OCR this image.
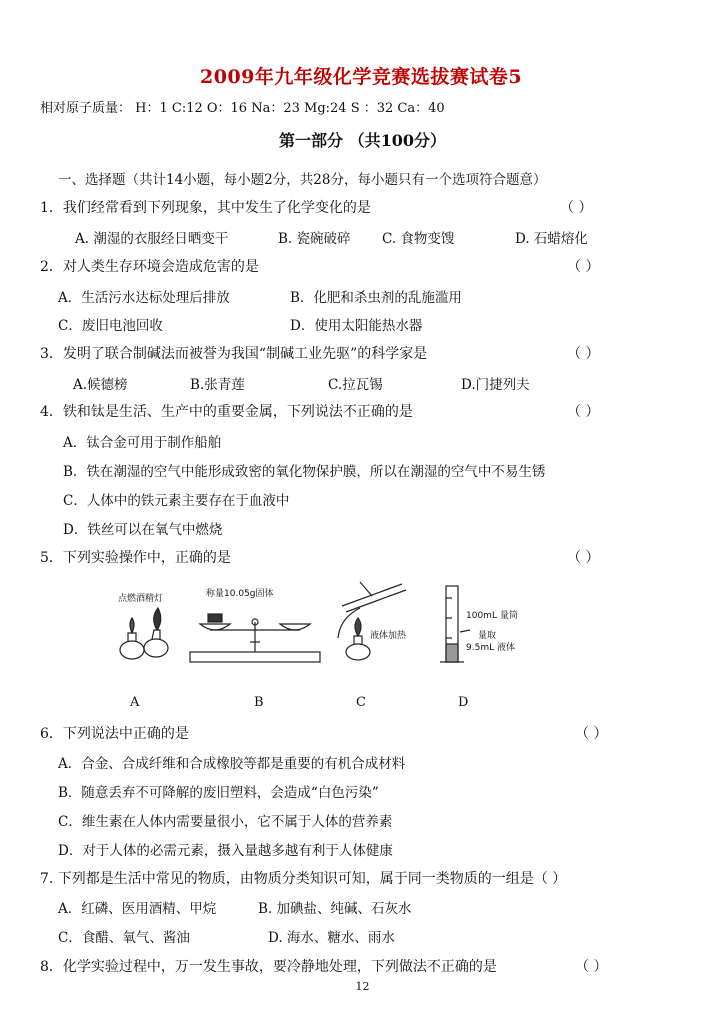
2009年九年级化学竞赛选拔赛试卷5
相对原子质量： H：1 C:12 O：16 Na：23 Mg:24 S ：32 Ca：40
第一部分 （共100分）
一、选择题（共计14小题，每小题2分，共28分，每小题只有一个选项符合题意）
1．我们经常看到下列现象，其中发生了化学变化的是	（ ）
A. 潮湿的衣服经日晒变干	B. 瓷碗破碎 C. 食物变馊	D. 石蜡熔化
2．对人类生存环境会造成危害的是	（ ）
A．生活污水达标处理后排放	B．化肥和杀虫剂的乱施滥用
C．废旧电池回收	D．使用太阳能热水器
3．发明了联合制碱法而被誉为我国“制碱工业先驱”的科学家是	（ ）
A.候德榜	B.张青莲	C.拉瓦锡	D.门捷列夫
4．铁和钛是生活、生产中的重要金属，下列说法不正确的是	（ ）
A．钛合金可用于制作船舶
B．铁在潮湿的空气中能形成致密的氧化物保护膜，所以在潮湿的空气中不易生锈
C．人体中的铁元素主要存在于血液中
D．铁丝可以在氧气中燃烧
5．下列实验操作中，正确的是	（ ）
点燃酒精灯	称量10.05g固体
液体加热
100mL 量筒
量取
9.5mL 液体
A	B	C	D
6．下列说法中正确的是	（ ）
A．合金、合成纤维和合成橡胶等都是重要的有机合成材料
B．随意丢弃不可降解的废旧塑料，会造成“白色污染”
C．维生素在人体内需要量很小，它不属于人体的营养素
D．对于人体的必需元素，摄入量越多越有利于人体健康
7. 下列都是生活中常见的物质，由物质分类知识可知，属于同一类物质的一组是（ ）
A．红磷、医用酒精、甲烷	B. 加碘盐、纯碱、石灰水
C．食醋、氧气、酱油	D. 海水、糖水、雨水
8．化学实验过程中，万一发生事故，要冷静地处理，下列做法不正确的是	（ ）
12
